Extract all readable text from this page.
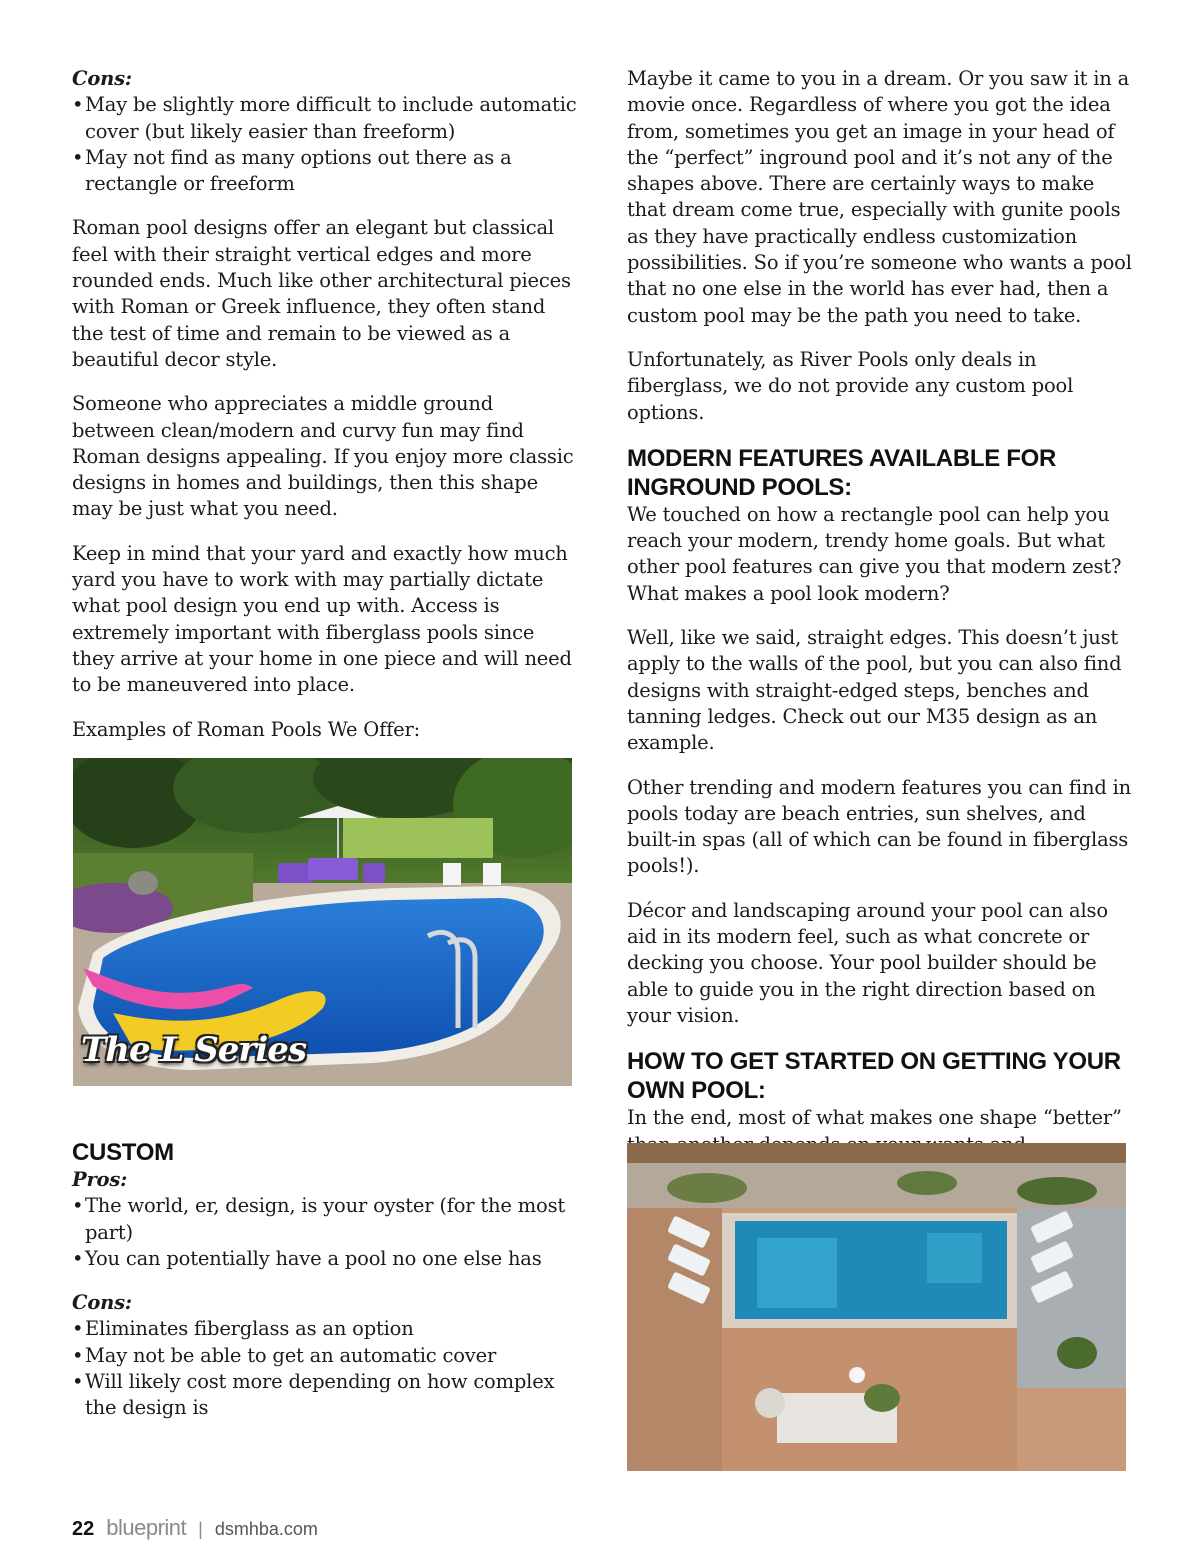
Cons:

• May be slightly more difficult to include automatic cover (but likely easier than freeform)
• May not find as many options out there as a rectangle or freeform

Roman pool designs offer an elegant but classical feel with their straight vertical edges and more rounded ends. Much like other architectural pieces with Roman or Greek influence, they often stand the test of time and remain to be viewed as a beautiful decor style.

Someone who appreciates a middle ground between clean/modern and curvy fun may find Roman designs appealing. If you enjoy more classic designs in homes and buildings, then this shape may be just what you need.

Keep in mind that your yard and exactly how much yard you have to work with may partially dictate what pool design you end up with. Access is extremely important with fiberglass pools since they arrive at your home in one piece and will need to be maneuvered into place.

Examples of Roman Pools We Offer:

The L Series
CUSTOM

Pros:

• The world, er, design, is your oyster (for the most part)
• You can potentially have a pool no one else has

Cons:

• Eliminates fiberglass as an option
• May not be able to get an automatic cover
• Will likely cost more depending on how complex the design is

Maybe it came to you in a dream. Or you saw it in a movie once. Regardless of where you got the idea from, sometimes you get an image in your head of the “perfect” inground pool and it’s not any of the shapes above. There are certainly ways to make that dream come true, especially with gunite pools as they have practically endless customization possibilities. So if you’re someone who wants a pool that no one else in the world has ever had, then a custom pool may be the path you need to take.

Unfortunately, as River Pools only deals in fiberglass, we do not provide any custom pool options.

MODERN FEATURES AVAILABLE FOR INGROUND POOLS:

We touched on how a rectangle pool can help you reach your modern, trendy home goals. But what other pool features can give you that modern zest? What makes a pool look modern?

Well, like we said, straight edges. This doesn’t just apply to the walls of the pool, but you can also find designs with straight-edged steps, benches and tanning ledges. Check out our M35 design as an example.

Other trending and modern features you can find in pools today are beach entries, sun shelves, and built-in spas (all of which can be found in fiberglass pools!).

Décor and landscaping around your pool can also aid in its modern feel, such as what concrete or decking you choose. Your pool builder should be able to guide you in the right direction based on your vision.

HOW TO GET STARTED ON GETTING YOUR OWN POOL:

In the end, most of what makes one shape “better”

22 blueprint | dsmhba.com
